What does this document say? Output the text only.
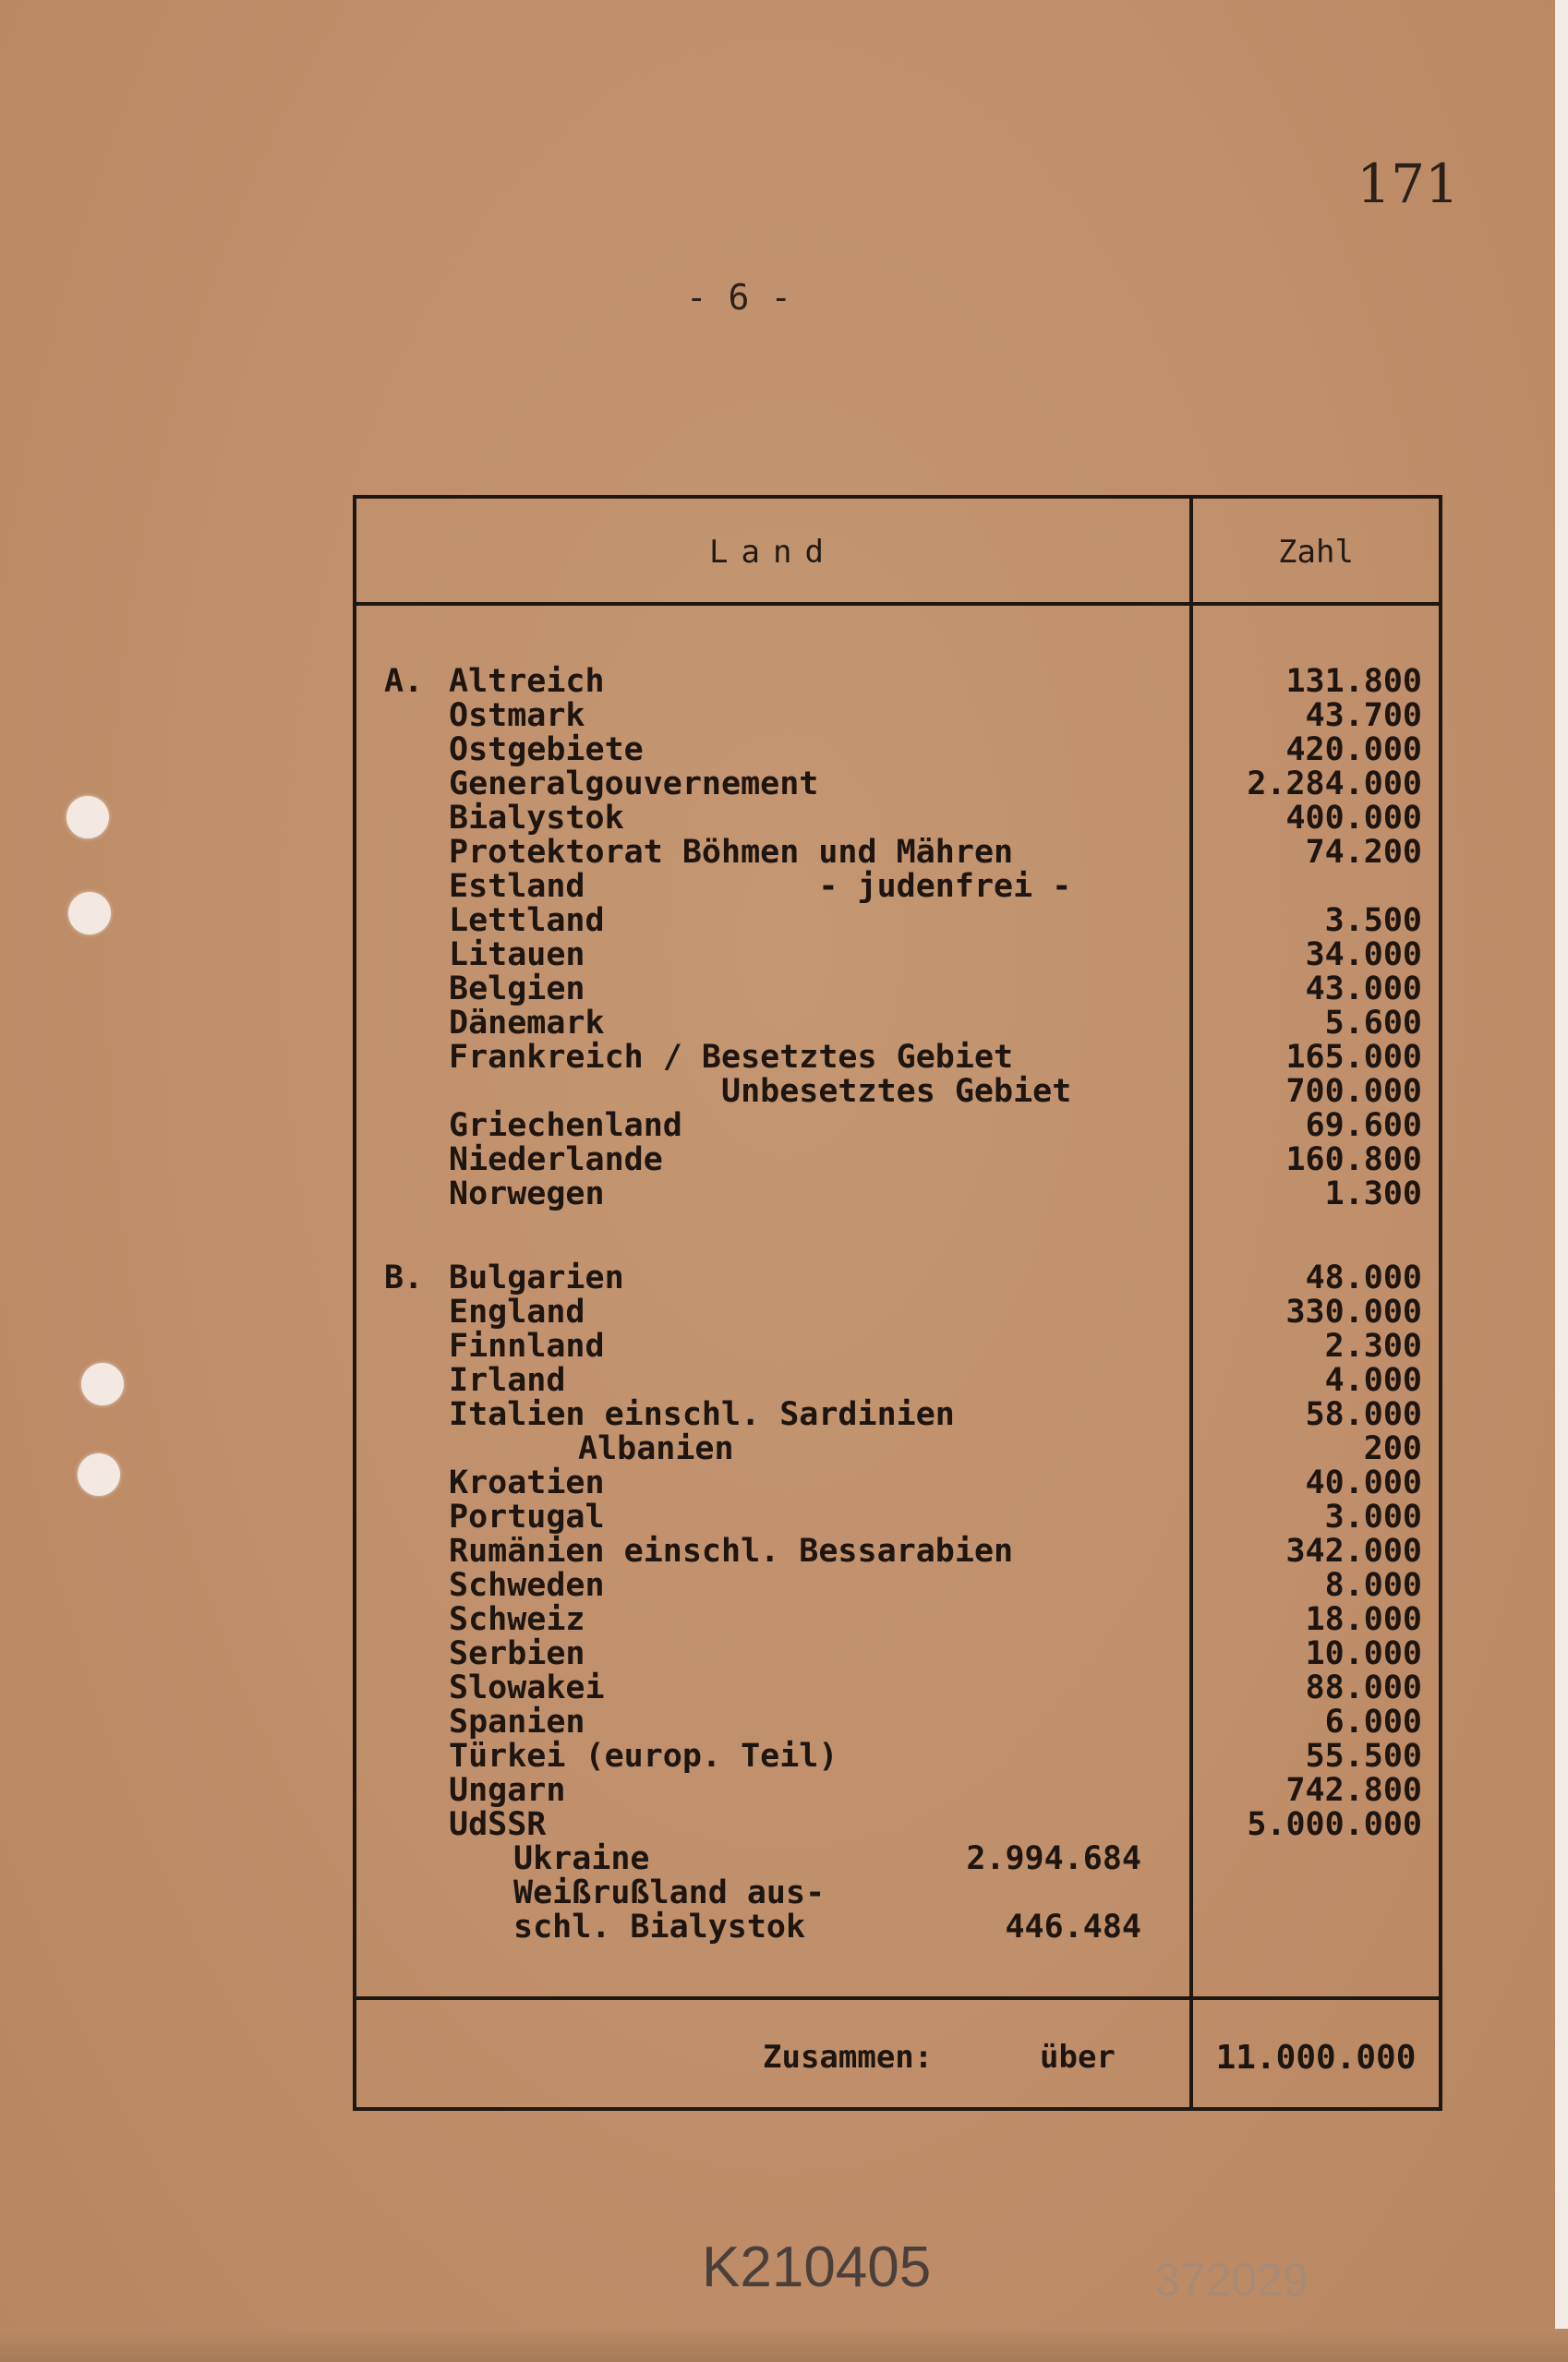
171
- 6 -
Land	Zahl
A. Altreich	131.800
Ostmark	43.700
Ostgebiete	420.000
Generalgouvernement	2.284.000
Bialystok	400.000
Protektorat Böhmen und Mähren	74.200
Estland            - judenfrei -
Lettland	3.500
Litauen	34.000
Belgien	43.000
Dänemark	5.600
Frankreich / Besetztes Gebiet	165.000
Unbesetztes Gebiet	700.000
Griechenland	69.600
Niederlande	160.800
Norwegen	1.300
B. Bulgarien	48.000
England	330.000
Finnland	2.300
Irland	4.000
Italien einschl. Sardinien	58.000
Albanien	200
Kroatien	40.000
Portugal	3.000
Rumänien einschl. Bessarabien	342.000
Schweden	8.000
Schweiz	18.000
Serbien	10.000
Slowakei	88.000
Spanien	6.000
Türkei (europ. Teil)	55.500
Ungarn	742.800
UdSSR	5.000.000
Ukraine	2.994.684
Weißrußland aus-
schl. Bialystok	446.484
Zusammen:	über	11.000.000
K210405	372029
